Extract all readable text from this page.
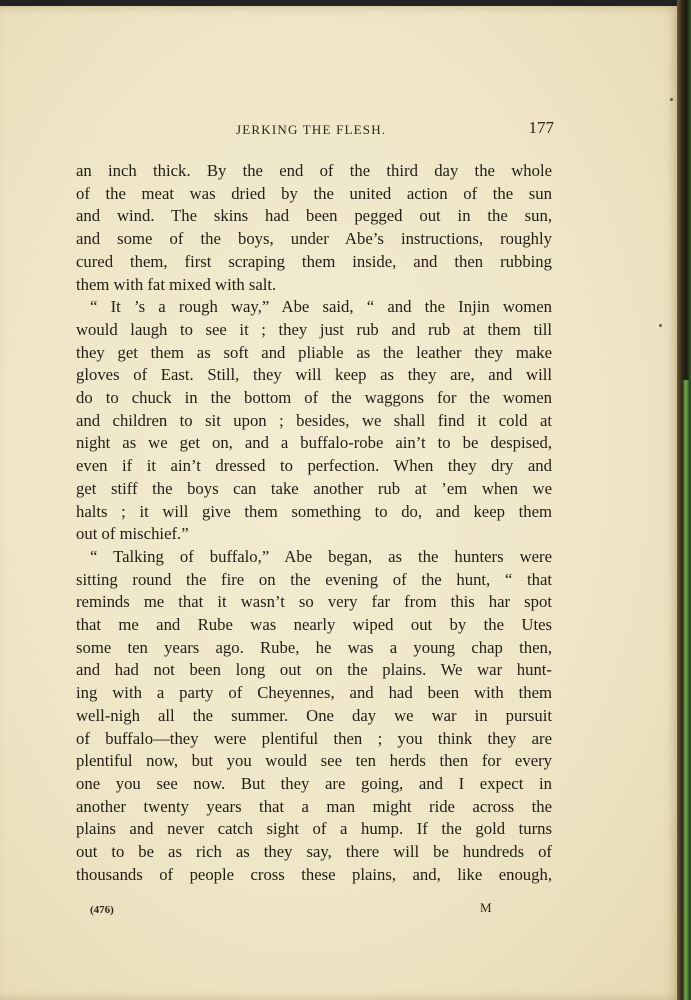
JERKING THE FLESH.	177
an inch thick. By the end of the third day the whole
of the meat was dried by the united action of the sun
and wind. The skins had been pegged out in the sun,
and some of the boys, under Abe’s instructions, roughly
cured them, first scraping them inside, and then rubbing
them with fat mixed with salt.
“ It ’s a rough way,” Abe said, “ and the Injin women
would laugh to see it ; they just rub and rub at them till
they get them as soft and pliable as the leather they make
gloves of East. Still, they will keep as they are, and will
do to chuck in the bottom of the waggons for the women
and children to sit upon ; besides, we shall find it cold at
night as we get on, and a buffalo-robe ain’t to be despised,
even if it ain’t dressed to perfection. When they dry and
get stiff the boys can take another rub at ’em when we
halts ; it will give them something to do, and keep them
out of mischief.”
“ Talking of buffalo,” Abe began, as the hunters were
sitting round the fire on the evening of the hunt, “ that
reminds me that it wasn’t so very far from this har spot
that me and Rube was nearly wiped out by the Utes
some ten years ago. Rube, he was a young chap then,
and had not been long out on the plains. We war hunt-
ing with a party of Cheyennes, and had been with them
well-nigh all the summer. One day we war in pursuit
of buffalo—they were plentiful then ; you think they are
plentiful now, but you would see ten herds then for every
one you see now. But they are going, and I expect in
another twenty years that a man might ride across the
plains and never catch sight of a hump. If the gold turns
out to be as rich as they say, there will be hundreds of
thousands of people cross these plains, and, like enough,
(476)	M
